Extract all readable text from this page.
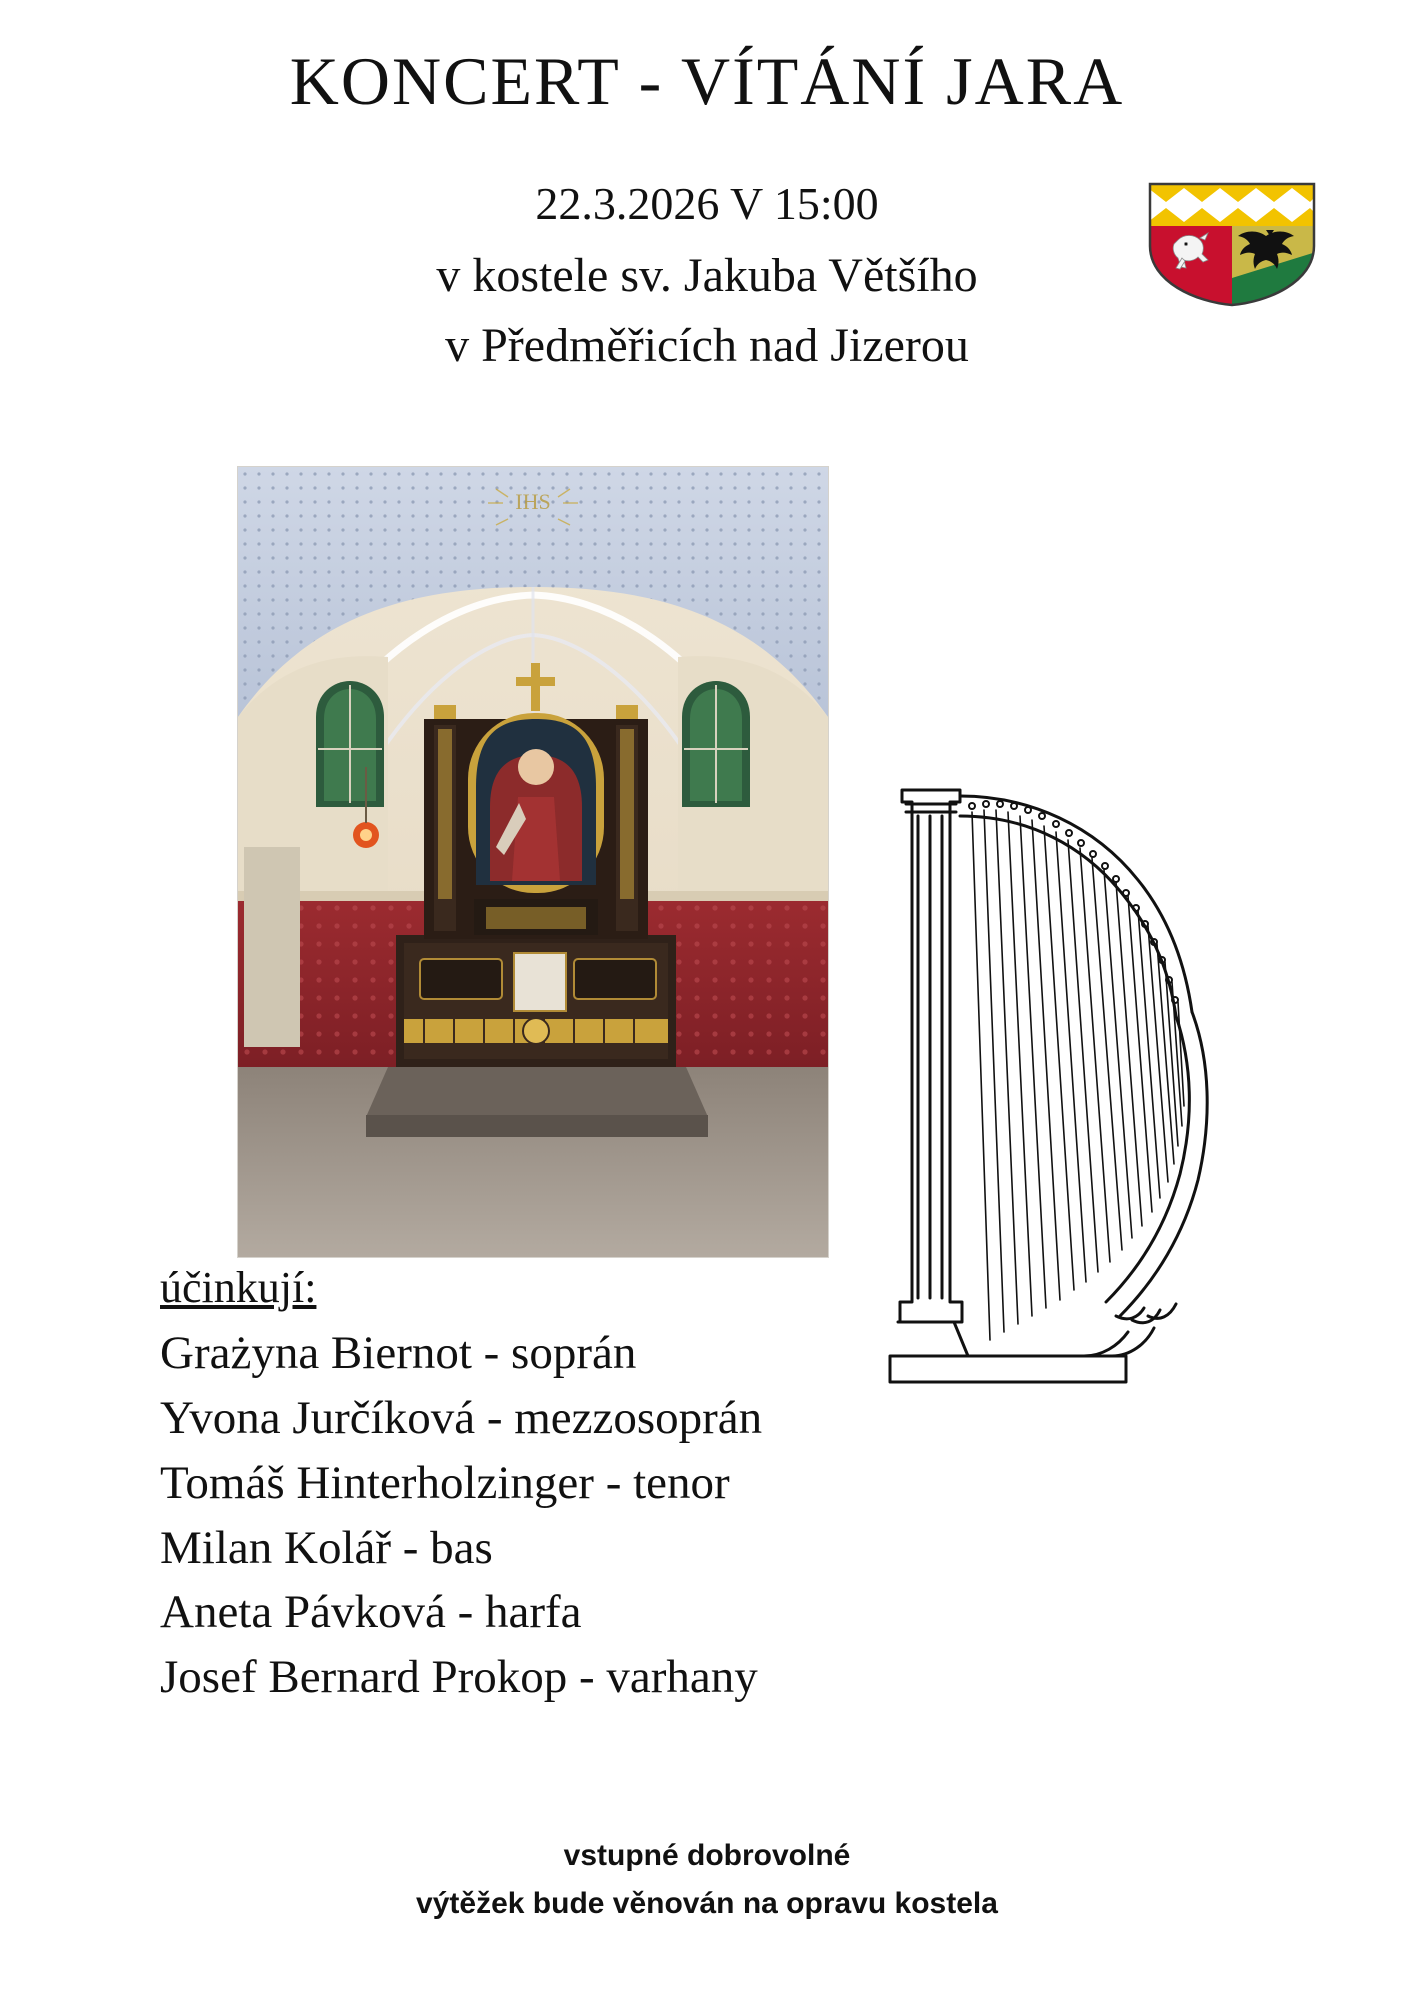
KONCERT - VÍTÁNÍ JARA
22.3.2026 V 15:00
v kostele sv. Jakuba Většího
v Předměřicích nad Jizerou
IHS
účinkují:
Grażyna Biernot - soprán
Yvona Jurčíková - mezzosoprán
Tomáš Hinterholzinger - tenor
Milan Kolář - bas
Aneta Pávková - harfa
Josef Bernard Prokop - varhany
vstupné dobrovolné
výtěžek bude věnován na opravu kostela
